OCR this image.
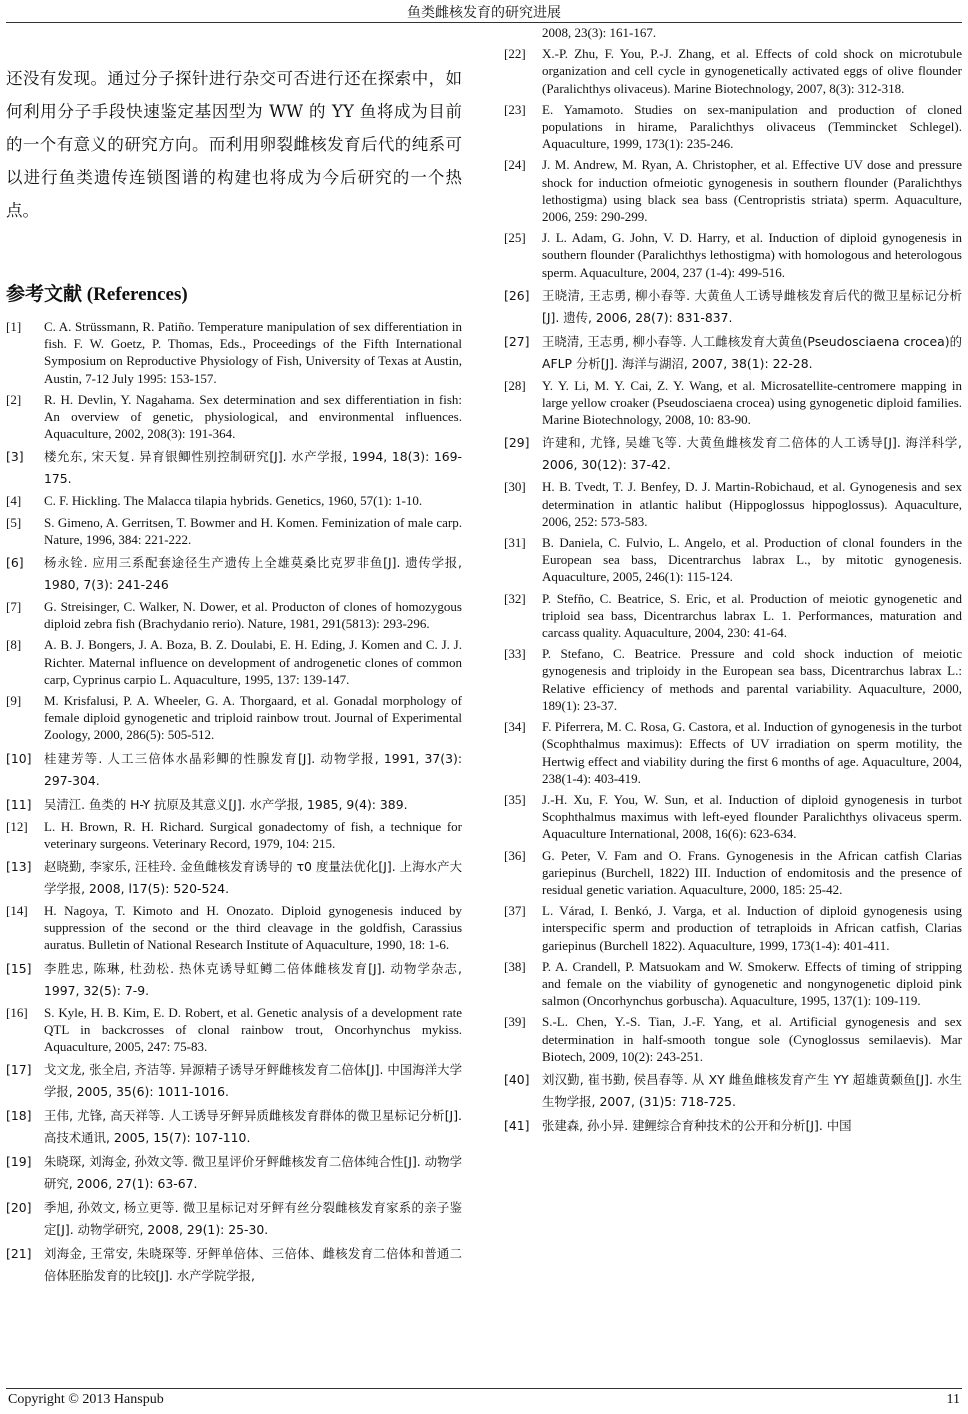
鱼类雌核发育的研究进展

还没有发现。通过分子探针进行杂交可否进行还在探索中，如何利用分子手段快速鉴定基因型为 WW 的 YY 鱼将成为目前的一个有意义的研究方向。而利用卵裂雌核发育后代的纯系可以进行鱼类遗传连锁图谱的构建也将成为今后研究的一个热点。

参考文献 (References)
[1] C. A. Strüssmann, R. Patiño. Temperature manipulation of sex differentiation in fish. F. W. Goetz, P. Thomas, Eds., Proceedings of the Fifth International Symposium on Reproductive Physiology of Fish, University of Texas at Austin, Austin, 7-12 July 1995: 153-157.
[2] R. H. Devlin, Y. Nagahama. Sex determination and sex differentiation in fish: An overview of genetic, physiological, and environmental influences. Aquaculture, 2002, 208(3): 191-364.
[3] 楼允东, 宋天复. 异育银鲫性别控制研究[J]. 水产学报, 1994, 18(3): 169-175.
[4] C. F. Hickling. The Malacca tilapia hybrids. Genetics, 1960, 57(1): 1-10.
[5] S. Gimeno, A. Gerritsen, T. Bowmer and H. Komen. Feminization of male carp. Nature, 1996, 384: 221-222.
[6] 杨永铨. 应用三系配套途径生产遗传上全雄莫桑比克罗非鱼[J]. 遗传学报, 1980, 7(3): 241-246
[7] G. Streisinger, C. Walker, N. Dower, et al. Producton of clones of homozygous diploid zebra fish (Brachydanio rerio). Nature, 1981, 291(5813): 293-296.
[8] A. B. J. Bongers, J. A. Boza, B. Z. Doulabi, E. H. Eding, J. Komen and C. J. J. Richter. Maternal influence on development of androgenetic clones of common carp, Cyprinus carpio L. Aquaculture, 1995, 137: 139-147.
[9] M. Krisfalusi, P. A. Wheeler, G. A. Thorgaard, et al. Gonadal morphology of female diploid gynogenetic and triploid rainbow trout. Journal of Experimental Zoology, 2000, 286(5): 505-512.
[10] 桂建芳等. 人工三倍体水晶彩鲫的性腺发育[J]. 动物学报, 1991, 37(3): 297-304.
[11] 吴清江. 鱼类的 H-Y 抗原及其意义[J]. 水产学报, 1985, 9(4): 389.
[12] L. H. Brown, R. H. Richard. Surgical gonadectomy of fish, a technique for veterinary surgeons. Veterinary Record, 1979, 104: 215.
[13] 赵晓勤, 李家乐, 汪桂玲. 金鱼雌核发育诱导的 τ0 度量法优化[J]. 上海水产大学学报, 2008, l17(5): 520-524.
[14] H. Nagoya, T. Kimoto and H. Onozato. Diploid gynogenesis induced by suppression of the second or the third cleavage in the goldfish, Carassius auratus. Bulletin of National Research Institute of Aquaculture, 1990, 18: 1-6.
[15] 李胜忠, 陈琳, 杜劲松. 热休克诱导虹鳟二倍体雌核发育[J]. 动物学杂志, 1997, 32(5): 7-9.
[16] S. Kyle, H. B. Kim, E. D. Robert, et al. Genetic analysis of a development rate QTL in backcrosses of clonal rainbow trout, Oncorhynchus mykiss. Aquaculture, 2005, 247: 75-83.
[17] 戈文龙, 张全启, 齐洁等. 异源精子诱导牙鲆雌核发育二倍体[J]. 中国海洋大学学报, 2005, 35(6): 1011-1016.
[18] 王伟, 尤锋, 高天祥等. 人工诱导牙鲆异质雌核发育群体的微卫星标记分析[J]. 高技术通讯, 2005, 15(7): 107-110.
[19] 朱晓琛, 刘海金, 孙效文等. 微卫星评价牙鲆雌核发育二倍体纯合性[J]. 动物学研究, 2006, 27(1): 63-67.
[20] 季旭, 孙效文, 杨立更等. 微卫星标记对牙鲆有丝分裂雌核发育家系的亲子鉴定[J]. 动物学研究, 2008, 29(1): 25-30.
[21] 刘海金, 王常安, 朱晓琛等. 牙鲆单倍体、三倍体、雌核发育二倍体和普通二倍体胚胎发育的比较[J]. 水产学院学报,
2008, 23(3): 161-167.
[22] X.-P. Zhu, F. You, P.-J. Zhang, et al. Effects of cold shock on microtubule organization and cell cycle in gynogenetically activated eggs of olive flounder (Paralichthys olivaceus). Marine Biotechnology, 2007, 8(3): 312-318.
[23] E. Yamamoto. Studies on sex-manipulation and production of cloned populations in hirame, Paralichthys olivaceus (Temmincket Schlegel). Aquaculture, 1999, 173(1): 235-246.
[24] J. M. Andrew, M. Ryan, A. Christopher, et al. Effective UV dose and pressure shock for induction ofmeiotic gynogenesis in southern flounder (Paralichthys lethostigma) using black sea bass (Centropristis striata) sperm. Aquaculture, 2006, 259: 290-299.
[25] J. L. Adam, G. John, V. D. Harry, et al. Induction of diploid gynogenesis in southern flounder (Paralichthys lethostigma) with homologous and heterologous sperm. Aquaculture, 2004, 237 (1-4): 499-516.
[26] 王晓清, 王志勇, 柳小春等. 大黄鱼人工诱导雌核发育后代的微卫星标记分析[J]. 遗传, 2006, 28(7): 831-837.
[27] 王晓清, 王志勇, 柳小春等. 人工雌核发育大黄鱼(Pseudosciaena crocea)的 AFLP 分析[J]. 海洋与湖沼, 2007, 38(1): 22-28.
[28] Y. Y. Li, M. Y. Cai, Z. Y. Wang, et al. Microsatellite-centromere mapping in large yellow croaker (Pseudosciaena crocea) using gynogenetic diploid families. Marine Biotechnology, 2008, 10: 83-90.
[29] 许建和, 尤锋, 吴雄飞等. 大黄鱼雌核发育二倍体的人工诱导[J]. 海洋科学, 2006, 30(12): 37-42.
[30] H. B. Tvedt, T. J. Benfey, D. J. Martin-Robichaud, et al. Gynogenesis and sex determination in atlantic halibut (Hippoglossus hippoglossus). Aquaculture, 2006, 252: 573-583.
[31] B. Daniela, C. Fulvio, L. Angelo, et al. Production of clonal founders in the European sea bass, Dicentrarchus labrax L., by mitotic gynogenesis. Aquaculture, 2005, 246(1): 115-124.
[32] P. Stefño, C. Beatrice, S. Eric, et al. Production of meiotic gynogenetic and triploid sea bass, Dicentrarchus labrax L. 1. Performances, maturation and carcass quality. Aquaculture, 2004, 230: 41-64.
[33] P. Stefano, C. Beatrice. Pressure and cold shock induction of meiotic gynogenesis and triploidy in the European sea bass, Dicentrarchus labrax L.: Relative efficiency of methods and parental variability. Aquaculture, 2000, 189(1): 23-37.
[34] F. Piferrera, M. C. Rosa, G. Castora, et al. Induction of gynogenesis in the turbot (Scophthalmus maximus): Effects of UV irradiation on sperm motility, the Hertwig effect and viability during the first 6 months of age. Aquaculture, 2004, 238(1-4): 403-419.
[35] J.-H. Xu, F. You, W. Sun, et al. Induction of diploid gynogenesis in turbot Scophthalmus maximus with left-eyed flounder Paralichthys olivaceus sperm. Aquaculture International, 2008, 16(6): 623-634.
[36] G. Peter, V. Fam and O. Frans. Gynogenesis in the African catfish Clarias gariepinus (Burchell, 1822) III. Induction of endomitosis and the presence of residual genetic variation. Aquaculture, 2000, 185: 25-42.
[37] L. Várad, I. Benkó, J. Varga, et al. Induction of diploid gynogenesis using interspecific sperm and production of tetraploids in African catfish, Clarias gariepinus (Burchell 1822). Aquaculture, 1999, 173(1-4): 401-411.
[38] P. A. Crandell, P. Matsuokam and W. Smokerw. Effects of timing of stripping and female on the viability of gynogenetic and nongynogenetic diploid pink salmon (Oncorhynchus gorbuscha). Aquaculture, 1995, 137(1): 109-119.
[39] S.-L. Chen, Y.-S. Tian, J.-F. Yang, et al. Artificial gynogenesis and sex determination in half-smooth tongue sole (Cynoglossus semilaevis). Mar Biotech, 2009, 10(2): 243-251.
[40] 刘汉勤, 崔书勤, 侯昌春等. 从 XY 雌鱼雌核发育产生 YY 超雄黄颡鱼[J]. 水生生物学报, 2007, (31)5: 718-725.
[41] 张建森, 孙小异. 建鲤综合育种技术的公开和分析[J]. 中国
Copyright © 2013 Hanspub	11
